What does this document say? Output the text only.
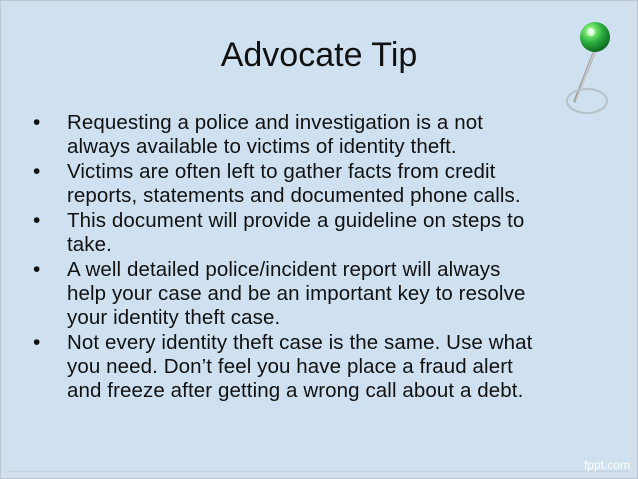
Advocate Tip
•	Requesting a police and investigation is a not
always available to victims of identity theft.
•	Victims are often left to gather facts from credit
reports, statements and documented phone calls.
•	This document will provide a guideline on steps to
take.
•	A well detailed police/incident report will always
help your case and be an important key to resolve
your identity theft case.
•	Not every identity theft case is the same. Use what
you need. Don’t feel you have place a fraud alert
and freeze after getting a wrong call about a debt.
fppt.com
